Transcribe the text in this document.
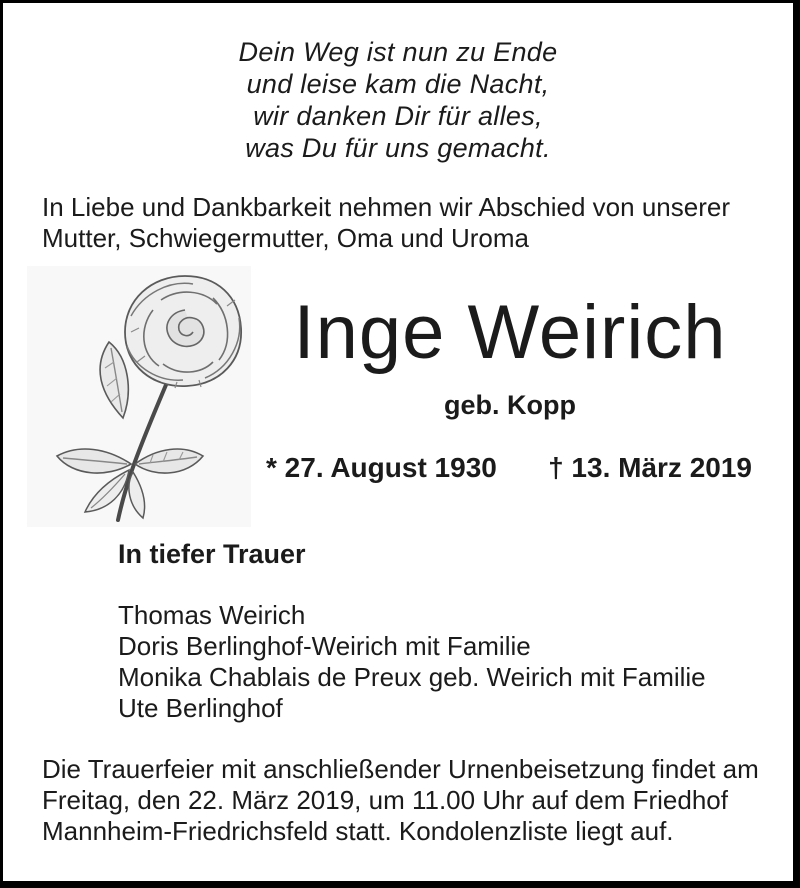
Dein Weg ist nun zu Ende
und leise kam die Nacht,
wir danken Dir für alles,
was Du für uns gemacht.
In Liebe und Dankbarkeit nehmen wir Abschied von unserer
Mutter, Schwiegermutter, Oma und Uroma
Inge Weirich
geb. Kopp
* 27. August 1930 † 13. März 2019
In tiefer Trauer
Thomas Weirich
Doris Berlinghof-Weirich mit Familie
Monika Chablais de Preux geb. Weirich mit Familie
Ute Berlinghof
Die Trauerfeier mit anschließender Urnenbeisetzung findet am
Freitag, den 22. März 2019, um 11.00 Uhr auf dem Friedhof
Mannheim-Friedrichsfeld statt. Kondolenzliste liegt auf.
